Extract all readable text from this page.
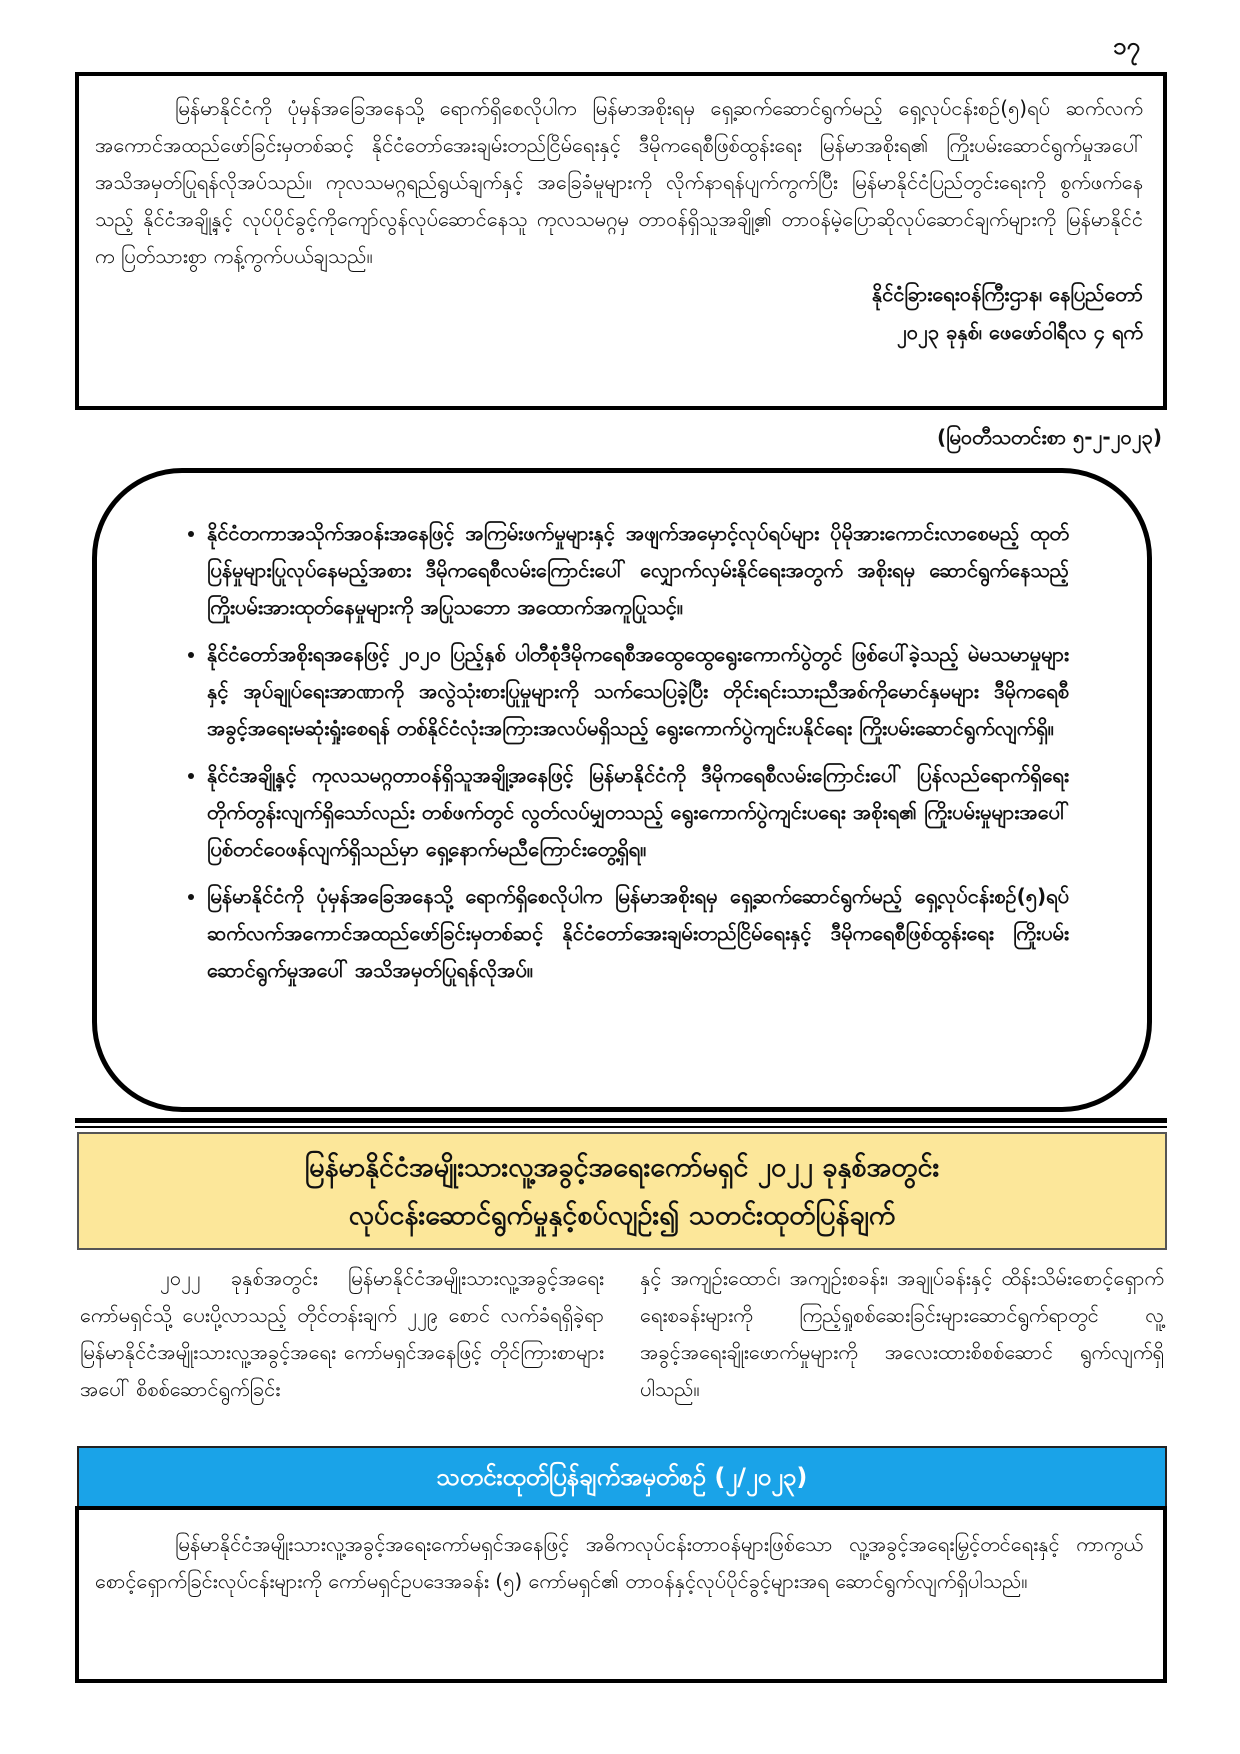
၁၇

မြန်မာနိုင်ငံကို ပုံမှန်အခြေအနေသို့ ရောက်ရှိစေလိုပါက မြန်မာအစိုးရမှ ရှေ့ဆက်ဆောင်ရွက်မည့် ရှေ့လုပ်ငန်းစဉ်(၅)ရပ် ဆက်လက်အကောင်အထည်ဖော်ခြင်းမှတစ်ဆင့် နိုင်ငံတော်အေးချမ်းတည်ငြိမ်ရေးနှင့် ဒီမိုကရေစီဖြစ်ထွန်းရေး မြန်မာအစိုးရ၏ ကြိုးပမ်းဆောင်ရွက်မှုအပေါ် အသိအမှတ်ပြုရန်လိုအပ်သည်။ ကုလသမဂ္ဂရည်ရွယ်ချက်နှင့် အခြေခံမူများကို လိုက်နာရန်ပျက်ကွက်ပြီး မြန်မာနိုင်ငံပြည်တွင်းရေးကို စွက်ဖက်နေသည့် နိုင်ငံအချို့နှင့် လုပ်ပိုင်ခွင့်ကိုကျော်လွန်လုပ်ဆောင်နေသူ ကုလသမဂ္ဂမှ တာဝန်ရှိသူအချို့၏ တာဝန်မဲ့ပြောဆိုလုပ်ဆောင်ချက်များကို မြန်မာနိုင်ငံက ပြတ်သားစွာ ကန့်ကွက်ပယ်ချသည်။

နိုင်ငံခြားရေးဝန်ကြီးဌာန၊ နေပြည်တော်

၂၀၂၃ ခုနှစ်၊ ဖေဖော်ဝါရီလ ၄ ရက်

(မြဝတီသတင်းစာ ၅-၂-၂၀၂၃)
• နိုင်ငံတကာအသိုက်အဝန်းအနေဖြင့် အကြမ်းဖက်မှုများနှင့် အဖျက်အမှောင့်လုပ်ရပ်များ ပိုမိုအားကောင်းလာစေမည့် ထုတ်ပြန်မှုများပြုလုပ်နေမည့်အစား ဒီမိုကရေစီလမ်းကြောင်းပေါ် လျှောက်လှမ်းနိုင်ရေးအတွက် အစိုးရမှ ဆောင်ရွက်နေသည့် ကြိုးပမ်းအားထုတ်နေမှုများကို အပြုသဘော အထောက်အကူပြုသင့်။
• နိုင်ငံတော်အစိုးရအနေဖြင့် ၂၀၂၀ ပြည့်နှစ် ပါတီစုံဒီမိုကရေစီအထွေထွေရွေးကောက်ပွဲတွင် ဖြစ်ပေါ်ခဲ့သည့် မဲမသမာမှုများနှင့် အုပ်ချုပ်ရေးအာဏာကို အလွဲသုံးစားပြုမှုများကို သက်သေပြခဲ့ပြီး တိုင်းရင်းသားညီအစ်ကိုမောင်နှမများ ဒီမိုကရေစီအခွင့်အရေးမဆုံးရှုံးစေရန် တစ်နိုင်ငံလုံးအကြားအလပ်မရှိသည့် ရွေးကောက်ပွဲကျင်းပနိုင်ရေး ကြိုးပမ်းဆောင်ရွက်လျက်ရှိ။
• နိုင်ငံအချို့နှင့် ကုလသမဂ္ဂတာဝန်ရှိသူအချို့အနေဖြင့် မြန်မာနိုင်ငံကို ဒီမိုကရေစီလမ်းကြောင်းပေါ် ပြန်လည်ရောက်ရှိရေး တိုက်တွန်းလျက်ရှိသော်လည်း တစ်ဖက်တွင် လွတ်လပ်မျှတသည့် ရွေးကောက်ပွဲကျင်းပရေး အစိုးရ၏ ကြိုးပမ်းမှုများအပေါ် ပြစ်တင်ဝေဖန်လျက်ရှိသည်မှာ ရှေ့နောက်မညီကြောင်းတွေ့ရှိရ။
• မြန်မာနိုင်ငံကို ပုံမှန်အခြေအနေသို့ ရောက်ရှိစေလိုပါက မြန်မာအစိုးရမှ ရှေ့ဆက်ဆောင်ရွက်မည့် ရှေ့လုပ်ငန်းစဉ်(၅)ရပ် ဆက်လက်အကောင်အထည်ဖော်ခြင်းမှတစ်ဆင့် နိုင်ငံတော်အေးချမ်းတည်ငြိမ်ရေးနှင့် ဒီမိုကရေစီဖြစ်ထွန်းရေး ကြိုးပမ်းဆောင်ရွက်မှုအပေါ် အသိအမှတ်ပြုရန်လိုအပ်။
မြန်မာနိုင်ငံအမျိုးသားလူ့အခွင့်အရေးကော်မရှင် ၂၀၂၂ ခုနှစ်အတွင်း
လုပ်ငန်းဆောင်ရွက်မှုနှင့်စပ်လျဉ်း၍ သတင်းထုတ်ပြန်ချက်

၂၀၂၂ ခုနှစ်အတွင်း မြန်မာနိုင်ငံအမျိုးသားလူ့အခွင့်အရေးကော်မရှင်သို့ ပေးပို့လာသည့် တိုင်တန်းချက် ၂၂၉ စောင် လက်ခံရရှိခဲ့ရာ မြန်မာနိုင်ငံအမျိုးသားလူ့အခွင့်အရေး ကော်မရှင်အနေဖြင့် တိုင်ကြားစာများအပေါ် စိစစ်ဆောင်ရွက်ခြင်း

နှင့် အကျဉ်းထောင်၊ အကျဉ်းစခန်း၊ အချုပ်ခန်းနှင့် ထိန်းသိမ်းစောင့်ရှောက်ရေးစခန်းများကို ကြည့်ရှုစစ်ဆေးခြင်းများဆောင်ရွက်ရာတွင် လူ့အခွင့်အရေးချိုးဖောက်မှုများကို အလေးထားစိစစ်ဆောင် ရွက်လျက်ရှိပါသည်။

သတင်းထုတ်ပြန်ချက်အမှတ်စဉ် (၂/၂၀၂၃)

မြန်မာနိုင်ငံအမျိုးသားလူ့အခွင့်အရေးကော်မရှင်အနေဖြင့် အဓိကလုပ်ငန်းတာဝန်များဖြစ်သော လူ့အခွင့်အရေးမြှင့်တင်ရေးနှင့် ကာကွယ်စောင့်ရှောက်ခြင်းလုပ်ငန်းများကို ကော်မရှင်ဥပဒေအခန်း (၅) ကော်မရှင်၏ တာဝန်နှင့်လုပ်ပိုင်ခွင့်များအရ ဆောင်ရွက်လျက်ရှိပါသည်။
